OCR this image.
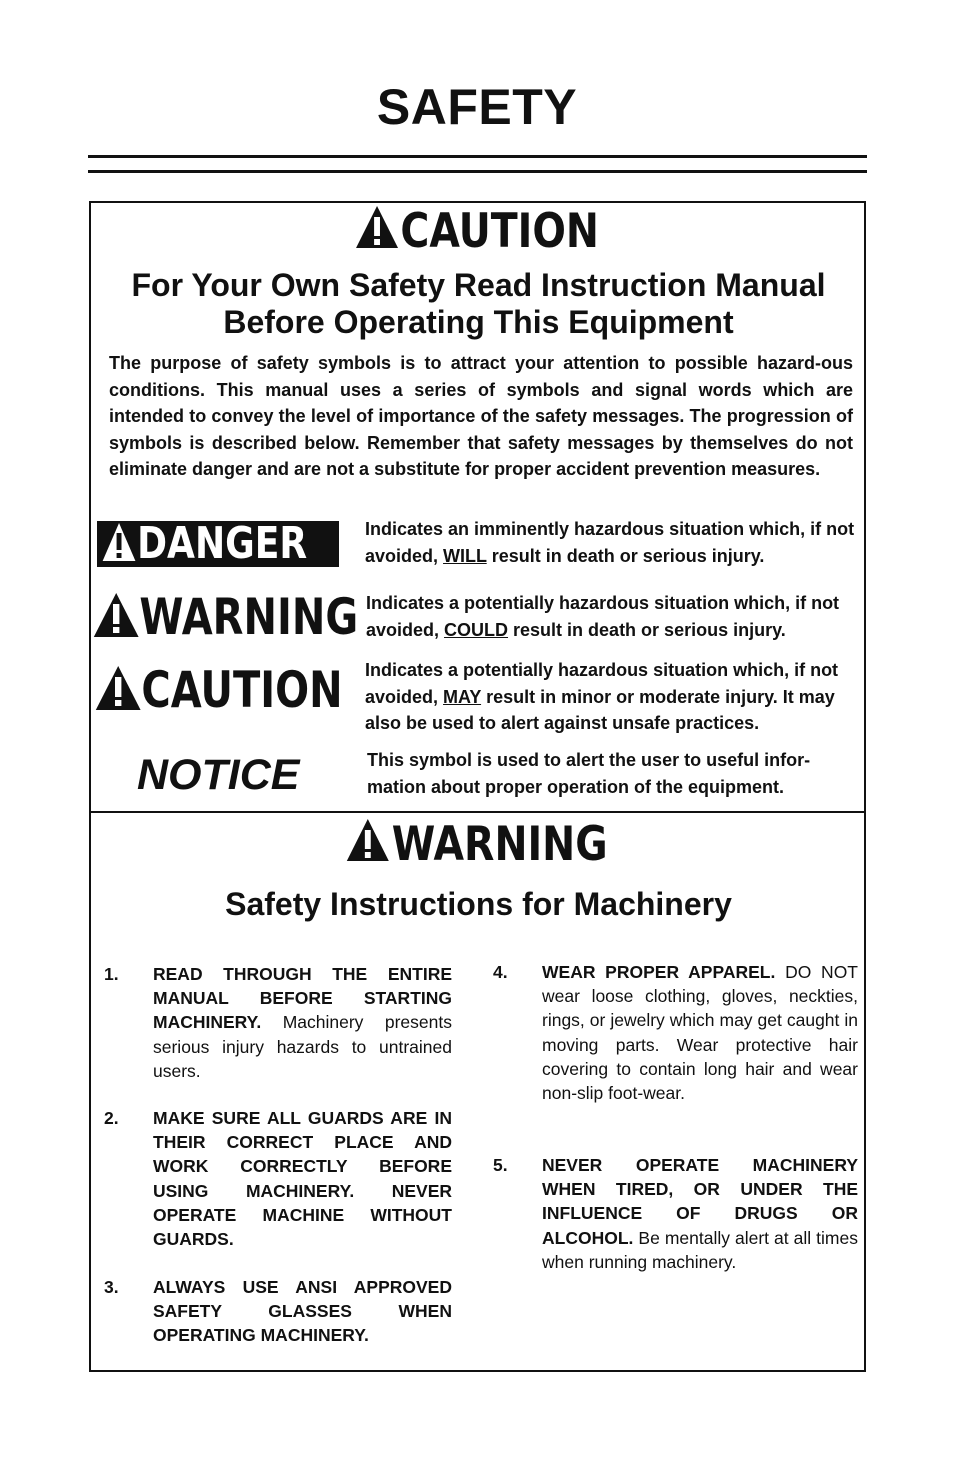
SAFETY
CAUTION
For Your Own Safety Read Instruction Manual
Before Operating This Equipment
The purpose of safety symbols is to attract your attention to possible hazard-ous conditions. This manual uses a series of symbols and signal words which are intended to convey the level of importance of the safety messages. The progression of symbols is described below. Remember that safety messages by themselves do not eliminate danger and are not a substitute for proper accident prevention measures.
DANGER
WARNING
CAUTION
NOTICE
Indicates an imminently hazardous situation which, if not avoided, WILL result in death or serious injury.
Indicates a potentially hazardous situation which, if not avoided, COULD result in death or serious injury.
Indicates a potentially hazardous situation which, if not avoided, MAY result in minor or moderate injury. It may also be used to alert against unsafe practices.
This symbol is used to alert the user to useful infor-mation about proper operation of the equipment.
WARNING
Safety Instructions for Machinery
1. READ THROUGH THE ENTIRE MANUAL BEFORE STARTING MACHINERY. Machinery presents serious injury hazards to untrained users.
2. MAKE SURE ALL GUARDS ARE IN THEIR CORRECT PLACE AND WORK CORRECTLY BEFORE USING MACHINERY. NEVER OPERATE MACHINE WITHOUT GUARDS.
3. ALWAYS USE ANSI APPROVED SAFETY GLASSES WHEN OPERATING MACHINERY.
4. WEAR PROPER APPAREL. DO NOT wear loose clothing, gloves, neckties, rings, or jewelry which may get caught in moving parts. Wear protective hair covering to contain long hair and wear non-slip foot-wear.
5. NEVER OPERATE MACHINERY WHEN TIRED, OR UNDER THE INFLUENCE OF DRUGS OR ALCOHOL. Be mentally alert at all times when running machinery.
